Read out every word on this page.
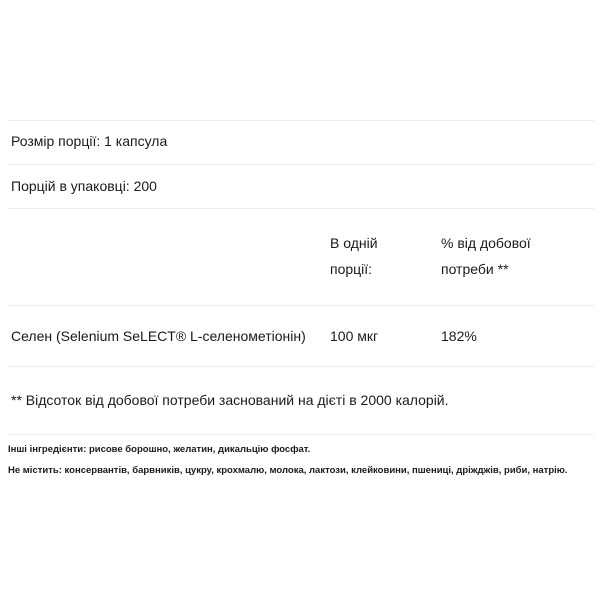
Розмір порції: 1 капсула
Порцій в упаковці: 200
В одній
порції:
% від добової
потреби **
Селен (Selenium SeLECT® L-селенометіонін) 100 мкг	182%
** Відсоток від добової потреби заснований на дієті в 2000 калорій.
Інші інгредієнти: рисове борошно, желатин, дикальцію фосфат.
Не містить: консервантів, барвників, цукру, крохмалю, молока, лактози, клейковини, пшениці, дріжджів, риби, натрію.
